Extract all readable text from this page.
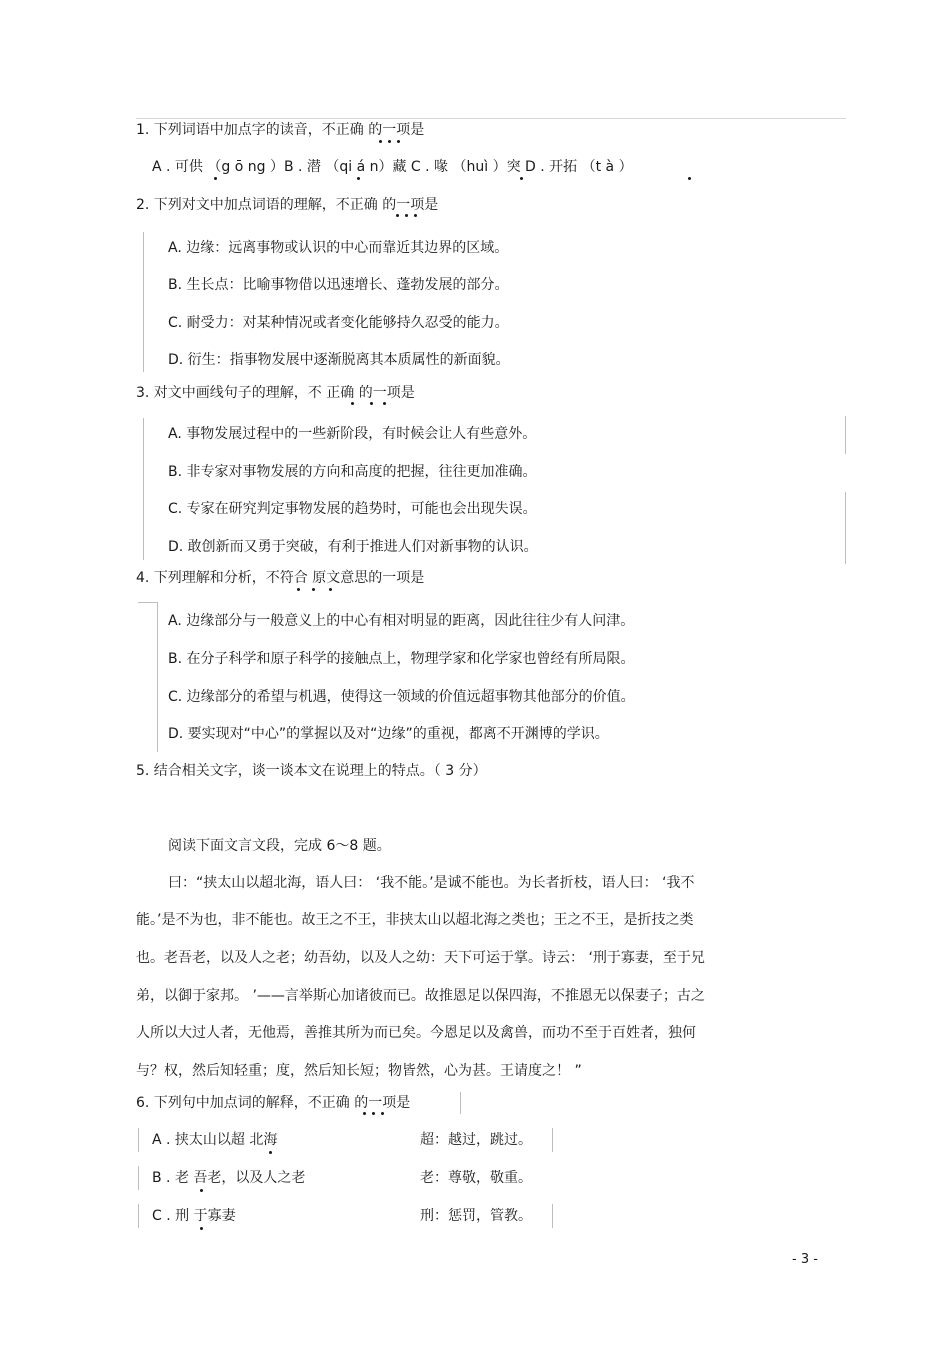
1. 下列词语中加点字的读音，不正确 的一项是
A . 可供 （g ō ng ）B . 潜 （qi á n）藏 C . 喙 （huì ）突 D . 开拓 （t à ）
2. 下列对文中加点词语的理解，不正确 的一项是
A. 边缘：远离事物或认识的中心而靠近其边界的区域。
B. 生长点：比喻事物借以迅速增长、蓬勃发展的部分。
C. 耐受力：对某种情况或者变化能够持久忍受的能力。
D. 衍生：指事物发展中逐渐脱离其本质属性的新面貌。
3. 对文中画线句子的理解，不 正确 的一项是
A. 事物发展过程中的一些新阶段，有时候会让人有些意外。
B. 非专家对事物发展的方向和高度的把握，往往更加准确。
C. 专家在研究判定事物发展的趋势时，可能也会出现失误。
D. 敢创新而又勇于突破，有利于推进人们对新事物的认识。
4. 下列理解和分析，不符合 原文意思的一项是
A. 边缘部分与一般意义上的中心有相对明显的距离，因此往往少有人问津。
B. 在分子科学和原子科学的接触点上，物理学家和化学家也曾经有所局限。
C. 边缘部分的希望与机遇，使得这一领域的价值远超事物其他部分的价值。
D. 要实现对“中心”的掌握以及对“边缘”的重视，都离不开渊博的学识。
5. 结合相关文字，谈一谈本文在说理上的特点。（ 3 分）
阅读下面文言文段，完成 6～8 题。
曰：“挟太山以超北海，语人曰： ‘我不能。’是诚不能也。为长者折枝，语人曰： ‘我不
能。’是不为也，非不能也。故王之不王，非挟太山以超北海之类也；王之不王，是折技之类
也。老吾老，以及人之老；幼吾幼，以及人之幼：天下可运于掌。诗云： ‘刑于寡妻，至于兄
弟，以御于家邦。 ’——言举斯心加诸彼而已。故推恩足以保四海，不推恩无以保妻子；古之
人所以大过人者，无他焉，善推其所为而已矣。今恩足以及禽兽，而功不至于百姓者，独何
与？权，然后知轻重；度，然后知长短；物皆然，心为甚。王请度之！ ”
6. 下列句中加点词的解释，不正确 的一项是
A . 挟太山以超 北海	超：越过，跳过。
B . 老 吾老，以及人之老	老：尊敬，敬重。
C . 刑 于寡妻	刑：惩罚，管教。
- 3 -
